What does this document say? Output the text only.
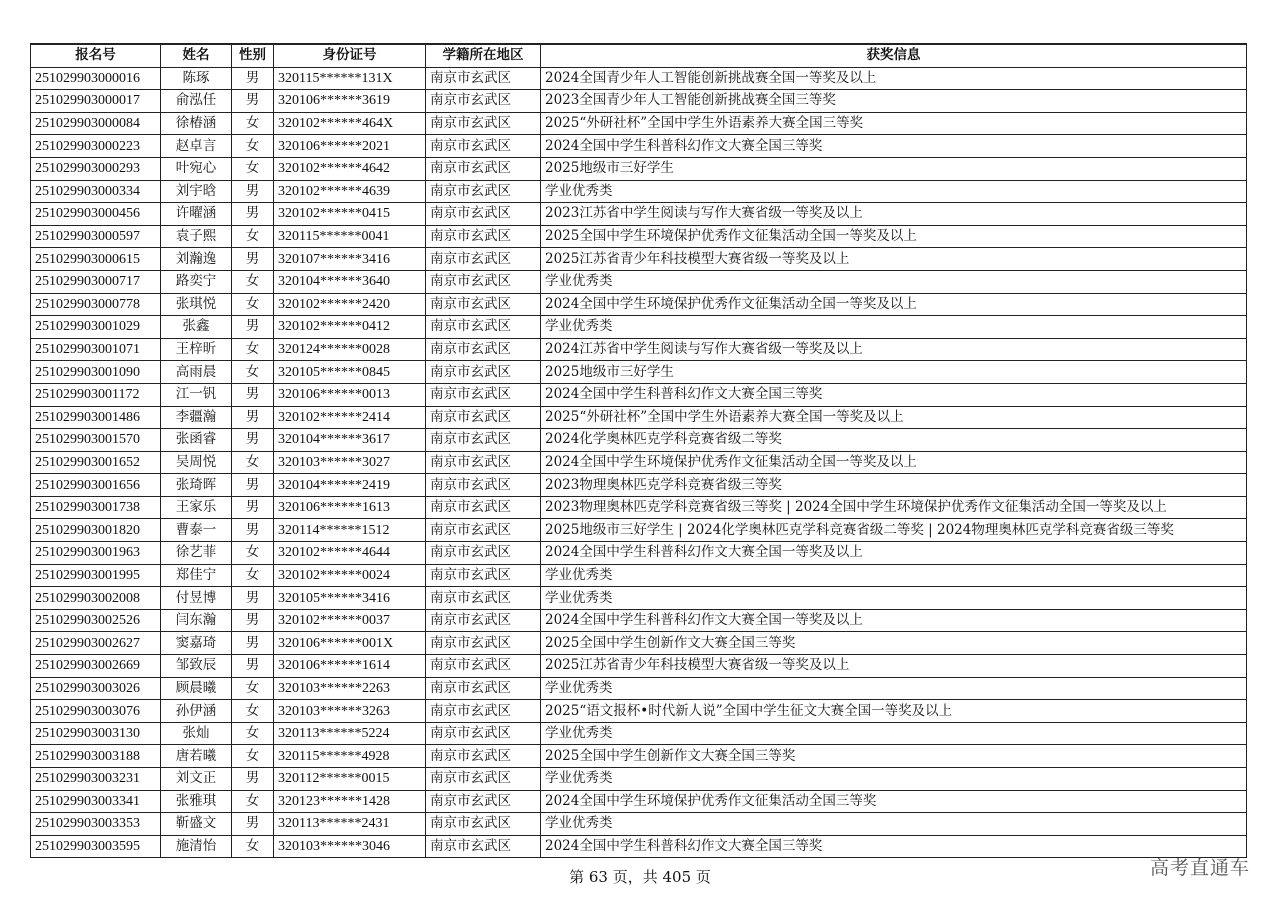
报名号	姓名	性别	身份证号	学籍所在地区	获奖信息
251029903000016	陈琢	男	320115******131X	南京市玄武区	2024全国青少年人工智能创新挑战赛全国一等奖及以上
251029903000017	俞泓任	男	320106******3619	南京市玄武区	2023全国青少年人工智能创新挑战赛全国三等奖
251029903000084	徐椿涵	女	320102******464X	南京市玄武区	2025“外研社杯”全国中学生外语素养大赛全国三等奖
251029903000223	赵卓言	女	320106******2021	南京市玄武区	2024全国中学生科普科幻作文大赛全国三等奖
251029903000293	叶宛心	女	320102******4642	南京市玄武区	2025地级市三好学生
251029903000334	刘宇晗	男	320102******4639	南京市玄武区	学业优秀类
251029903000456	许曜涵	男	320102******0415	南京市玄武区	2023江苏省中学生阅读与写作大赛省级一等奖及以上
251029903000597	袁子熙	女	320115******0041	南京市玄武区	2025全国中学生环境保护优秀作文征集活动全国一等奖及以上
251029903000615	刘瀚逸	男	320107******3416	南京市玄武区	2025江苏省青少年科技模型大赛省级一等奖及以上
251029903000717	路奕宁	女	320104******3640	南京市玄武区	学业优秀类
251029903000778	张琪悦	女	320102******2420	南京市玄武区	2024全国中学生环境保护优秀作文征集活动全国一等奖及以上
251029903001029	张鑫	男	320102******0412	南京市玄武区	学业优秀类
251029903001071	王梓昕	女	320124******0028	南京市玄武区	2024江苏省中学生阅读与写作大赛省级一等奖及以上
251029903001090	高雨晨	女	320105******0845	南京市玄武区	2025地级市三好学生
251029903001172	江一钒	男	320106******0013	南京市玄武区	2024全国中学生科普科幻作文大赛全国三等奖
251029903001486	李疆瀚	男	320102******2414	南京市玄武区	2025“外研社杯”全国中学生外语素养大赛全国一等奖及以上
251029903001570	张函睿	男	320104******3617	南京市玄武区	2024化学奥林匹克学科竞赛省级二等奖
251029903001652	吴周悦	女	320103******3027	南京市玄武区	2024全国中学生环境保护优秀作文征集活动全国一等奖及以上
251029903001656	张琦晖	男	320104******2419	南京市玄武区	2023物理奥林匹克学科竞赛省级三等奖
251029903001738	王家乐	男	320106******1613	南京市玄武区	2023物理奥林匹克学科竞赛省级三等奖 | 2024全国中学生环境保护优秀作文征集活动全国一等奖及以上
251029903001820	曹泰一	男	320114******1512	南京市玄武区	2025地级市三好学生 | 2024化学奥林匹克学科竞赛省级二等奖 | 2024物理奥林匹克学科竞赛省级三等奖
251029903001963	徐艺菲	女	320102******4644	南京市玄武区	2024全国中学生科普科幻作文大赛全国一等奖及以上
251029903001995	郑佳宁	女	320102******0024	南京市玄武区	学业优秀类
251029903002008	付昱博	男	320105******3416	南京市玄武区	学业优秀类
251029903002526	闫东瀚	男	320102******0037	南京市玄武区	2024全国中学生科普科幻作文大赛全国一等奖及以上
251029903002627	窦嘉琦	男	320106******001X	南京市玄武区	2025全国中学生创新作文大赛全国三等奖
251029903002669	邹致辰	男	320106******1614	南京市玄武区	2025江苏省青少年科技模型大赛省级一等奖及以上
251029903003026	顾晨曦	女	320103******2263	南京市玄武区	学业优秀类
251029903003076	孙伊涵	女	320103******3263	南京市玄武区	2025“语文报杯•时代新人说”全国中学生征文大赛全国一等奖及以上
251029903003130	张灿	女	320113******5224	南京市玄武区	学业优秀类
251029903003188	唐若曦	女	320115******4928	南京市玄武区	2025全国中学生创新作文大赛全国三等奖
251029903003231	刘文正	男	320112******0015	南京市玄武区	学业优秀类
251029903003341	张雅琪	女	320123******1428	南京市玄武区	2024全国中学生环境保护优秀作文征集活动全国三等奖
251029903003353	靳盛文	男	320113******2431	南京市玄武区	学业优秀类
251029903003595	施清怡	女	320103******3046	南京市玄武区	2024全国中学生科普科幻作文大赛全国三等奖
第 63 页，共 405 页	高考直通车
